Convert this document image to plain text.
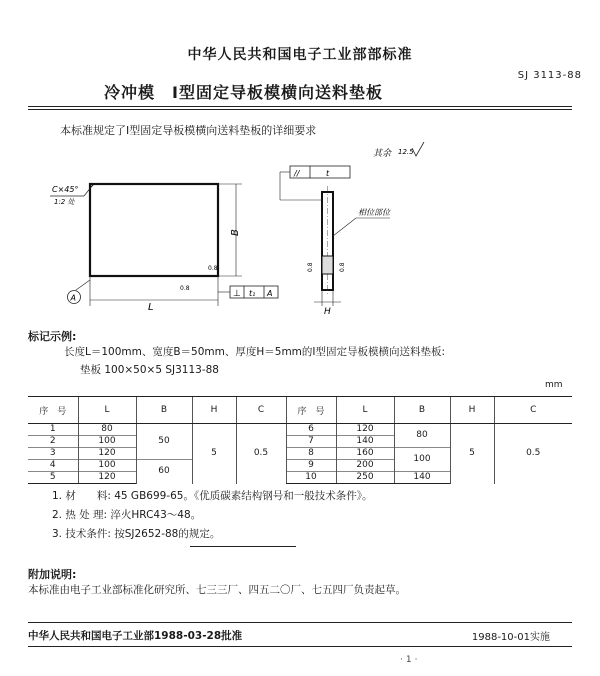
中华人民共和国电子工业部部标准
SJ 3113-88
冷冲模　Ⅰ型固定导板模横向送料垫板
本标准规定了Ⅰ型固定导板模横向送料垫板的详细要求
C×45°
1:2 处
B
0.8
L
0.8
A	⊥ t₁ A
//	t
相位部位
0.8	0.8
H
其余 12.5
标记示例:
长度L＝100mm、宽度B＝50mm、厚度H＝5mm的Ⅰ型固定导板模横向送料垫板:
垫板 100×50×5 SJ3113-88
mm
序　号	L	B	H	C	序　号	L	B	H	C
1	80	50	5	0.5	6	120	80	5	0.5
2	100				7	140			
3	120				8	160	100		
4	100	60			9	200			
5	120				10	250	140		
1. 材　　料: 45 GB699-65。《优质碳素结构钢号和一般技术条件》。
2. 热 处 理: 淬火HRC43～48。
3. 技术条件: 按SJ2652-88的规定。
附加说明:
本标准由电子工业部标准化研究所、七三三厂、四五二〇厂、七五四厂负责起草。
中华人民共和国电子工业部1988-03-28批准	1988-10-01实施
·1·
